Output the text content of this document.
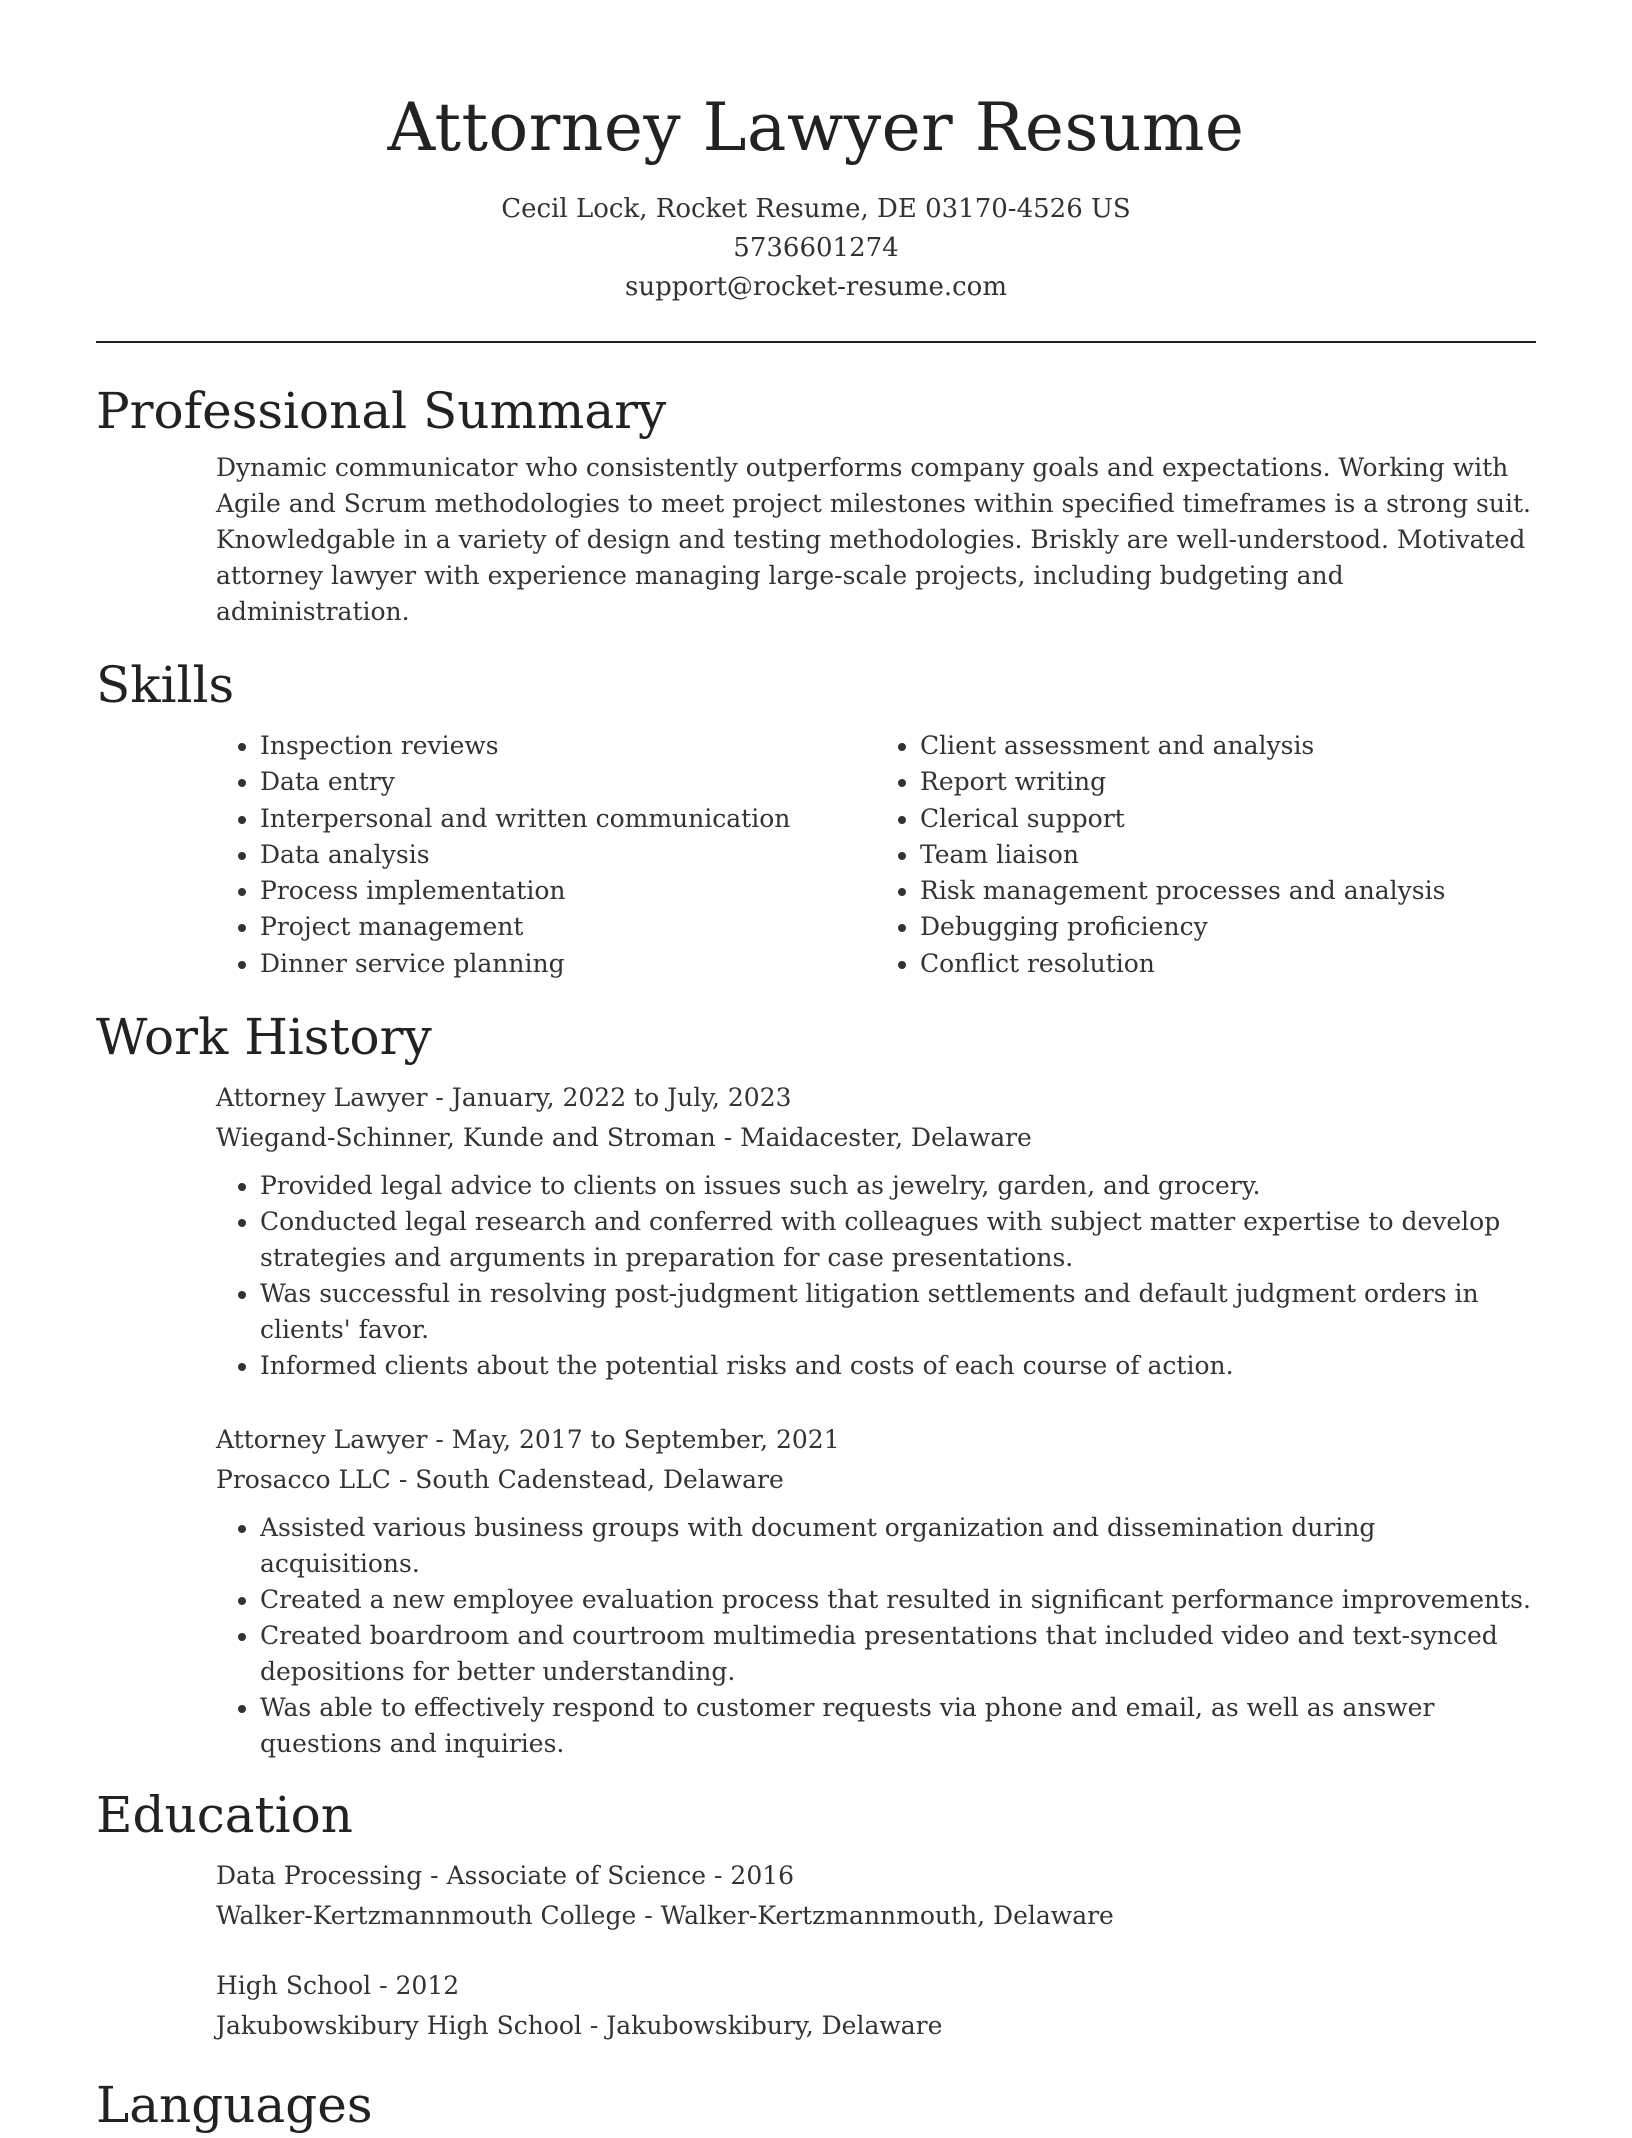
Attorney Lawyer Resume
Cecil Lock, Rocket Resume, DE 03170-4526 US
5736601274
support@rocket-resume.com
Professional Summary
Dynamic communicator who consistently outperforms company goals and expectations. Working with Agile and Scrum methodologies to meet project milestones within specified timeframes is a strong suit. Knowledgable in a variety of design and testing methodologies. Briskly are well-understood. Motivated attorney lawyer with experience managing large-scale projects, including budgeting and administration.
Skills
• Inspection reviews
• Data entry
• Interpersonal and written communication
• Data analysis
• Process implementation
• Project management
• Dinner service planning
• Client assessment and analysis
• Report writing
• Clerical support
• Team liaison
• Risk management processes and analysis
• Debugging proficiency
• Conflict resolution
Work History
Attorney Lawyer - January, 2022 to July, 2023
Wiegand-Schinner, Kunde and Stroman - Maidacester, Delaware
• Provided legal advice to clients on issues such as jewelry, garden, and grocery.
• Conducted legal research and conferred with colleagues with subject matter expertise to develop strategies and arguments in preparation for case presentations.
• Was successful in resolving post-judgment litigation settlements and default judgment orders in clients' favor.
• Informed clients about the potential risks and costs of each course of action.
Attorney Lawyer - May, 2017 to September, 2021
Prosacco LLC - South Cadenstead, Delaware
• Assisted various business groups with document organization and dissemination during acquisitions.
• Created a new employee evaluation process that resulted in significant performance improvements.
• Created boardroom and courtroom multimedia presentations that included video and text-synced depositions for better understanding.
• Was able to effectively respond to customer requests via phone and email, as well as answer questions and inquiries.
Education
Data Processing - Associate of Science - 2016
Walker-Kertzmannmouth College - Walker-Kertzmannmouth, Delaware
High School - 2012
Jakubowskibury High School - Jakubowskibury, Delaware
Languages
